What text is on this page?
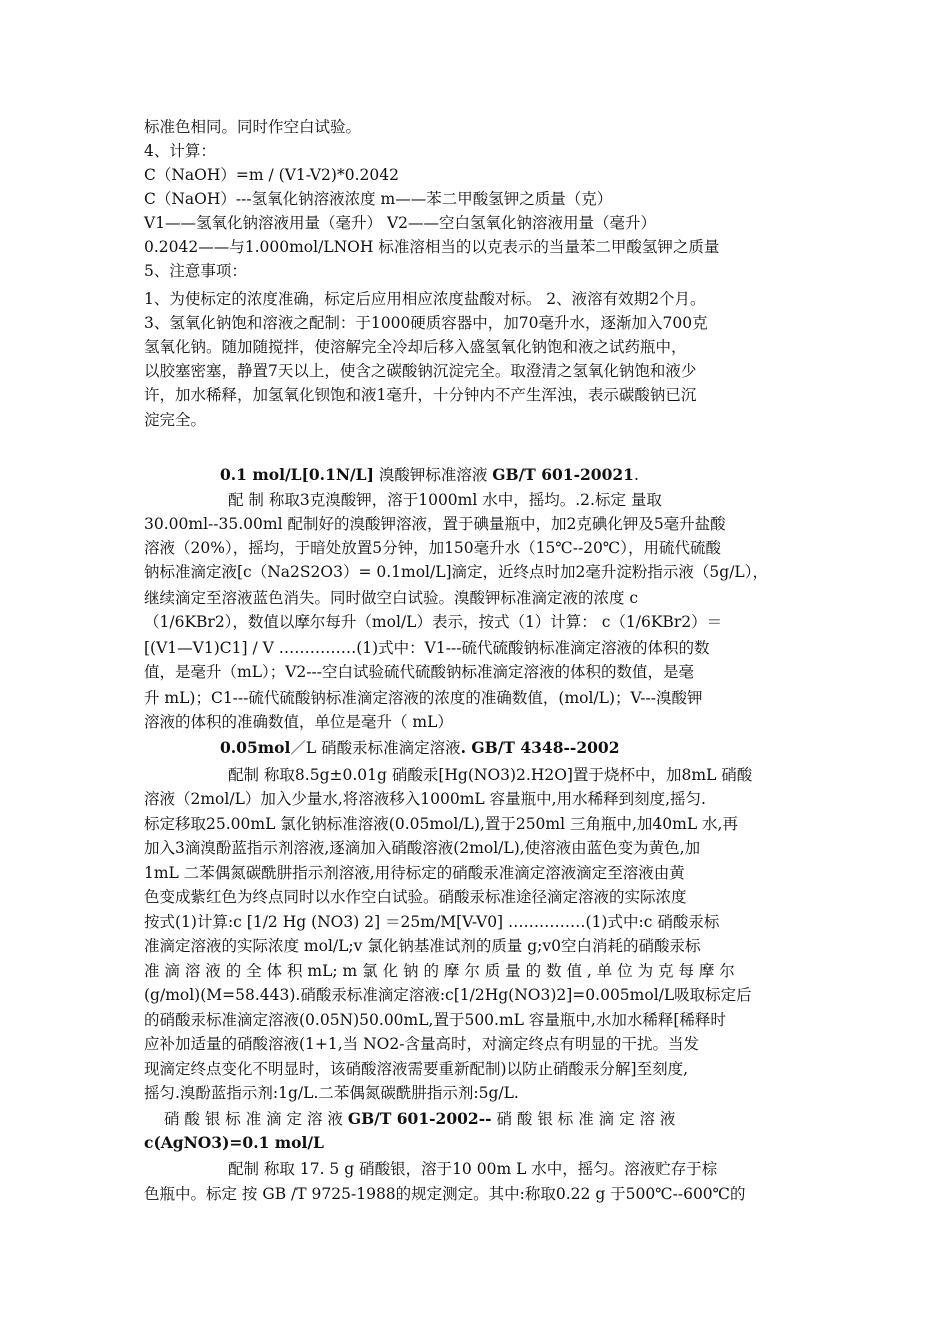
标准色相同。同时作空白试验。
4、计算：
C（NaOH）=m / (V1-V2)*0.2042
C（NaOH）---氢氧化钠溶液浓度 m——苯二甲酸氢钾之质量（克）
V1——氢氧化钠溶液用量（毫升） V2——空白氢氧化钠溶液用量（毫升）
0.2042——与1.000mol/LNOH 标准溶相当的以克表示的当量苯二甲酸氢钾之质量
5、注意事项：
1、为使标定的浓度准确，标定后应用相应浓度盐酸对标。 2、液溶有效期2个月。
3、氢氧化钠饱和溶液之配制：于1000硬质容器中，加70毫升水，逐渐加入700克
氢氧化钠。随加随搅拌，使溶解完全冷却后移入盛氢氧化钠饱和液之试药瓶中，
以胶塞密塞，静置7天以上，使含之碳酸钠沉淀完全。取澄清之氢氧化钠饱和液少
许，加水稀释，加氢氧化钡饱和液1毫升，十分钟内不产生浑浊，表示碳酸钠已沉
淀完全。
0.1 mol/L[0.1N/L] 溴酸钾标准溶液 GB/T 601-20021.
配 制 称取3克溴酸钾，溶于1000ml 水中，摇均。.2.标定 量取
30.00ml--35.00ml 配制好的溴酸钾溶液，置于碘量瓶中，加2克碘化钾及5毫升盐酸
溶液（20%），摇均，于暗处放置5分钟，加150毫升水（15℃--20℃），用硫代硫酸
钠标准滴定液[c（Na2S2O3）= 0.1mol/L]滴定，近终点时加2毫升淀粉指示液（5g/L），
继续滴定至溶液蓝色消失。同时做空白试验。溴酸钾标准滴定液的浓度 c
（1/6KBr2），数值以摩尔每升（mol/L）表示，按式（1）计算： c（1/6KBr2）＝
[(V1—V1)C1] / V ……………(1)式中：V1---硫代硫酸钠标准滴定溶液的体积的数
值，是毫升（mL）；V2---空白试验硫代硫酸钠标准滴定溶液的体积的数值，是毫
升 mL)；C1---硫代硫酸钠标准滴定溶液的浓度的准确数值，(mol/L)；V---溴酸钾
溶液的体积的准确数值，单位是毫升（ mL）
0.05mol／L 硝酸汞标准滴定溶液. GB/T 4348--2002
配制 称取8.5g±0.01g 硝酸汞[Hg(NO3)2.H2O]置于烧杯中，加8mL 硝酸
溶液（2mol/L）加入少量水,将溶液移入1000mL 容量瓶中,用水稀释到刻度,摇匀.
标定移取25.00mL 氯化钠标准溶液(0.05mol/L),置于250ml 三角瓶中,加40mL 水,再
加入3滴溴酚蓝指示剂溶液,逐滴加入硝酸溶液(2mol/L),使溶液由蓝色变为黄色,加
1mL 二苯偶氮碳酰肼指示剂溶液,用待标定的硝酸汞准滴定溶液滴定至溶液由黄
色变成紫红色为终点同时以水作空白试验。硝酸汞标准途径滴定溶液的实际浓度
按式(1)计算:c [1/2 Hg (NO3) 2] ＝25m/M[V-V0] ……………(1)式中:c 硝酸汞标
准滴定溶液的实际浓度 mol/L;v 氯化钠基准试剂的质量 g;v0空白消耗的硝酸汞标
准 滴 溶 液 的 全 体 积 mL; m 氯 化 钠 的 摩 尔 质 量 的 数 值 , 单 位 为 克 每 摩 尔
(g/mol)(M=58.443).硝酸汞标准滴定溶液:c[1/2Hg(NO3)2]=0.005mol/L吸取标定后
的硝酸汞标准滴定溶液(0.05N)50.00mL,置于500.mL 容量瓶中,水加水稀释[稀释时
应补加适量的硝酸溶液(1+1,当 NO2-含量高时，对滴定终点有明显的干扰。当发
现滴定终点变化不明显时，该硝酸溶液需要重新配制)以防止硝酸汞分解]至刻度,
摇匀.溴酚蓝指示剂:1g/L.二苯偶氮碳酰肼指示剂:5g/L.
硝 酸 银 标 准 滴 定 溶 液 GB/T 601-2002-- 硝 酸 银 标 准 滴 定 溶 液
c(AgNO3)=0.1 mol/L
配制 称取 17. 5 g 硝酸银，溶于10 00m L 水中，摇匀。溶液贮存于棕
色瓶中。标定 按 GB /T 9725-1988的规定测定。其中:称取0.22 g 于500℃--600℃的
